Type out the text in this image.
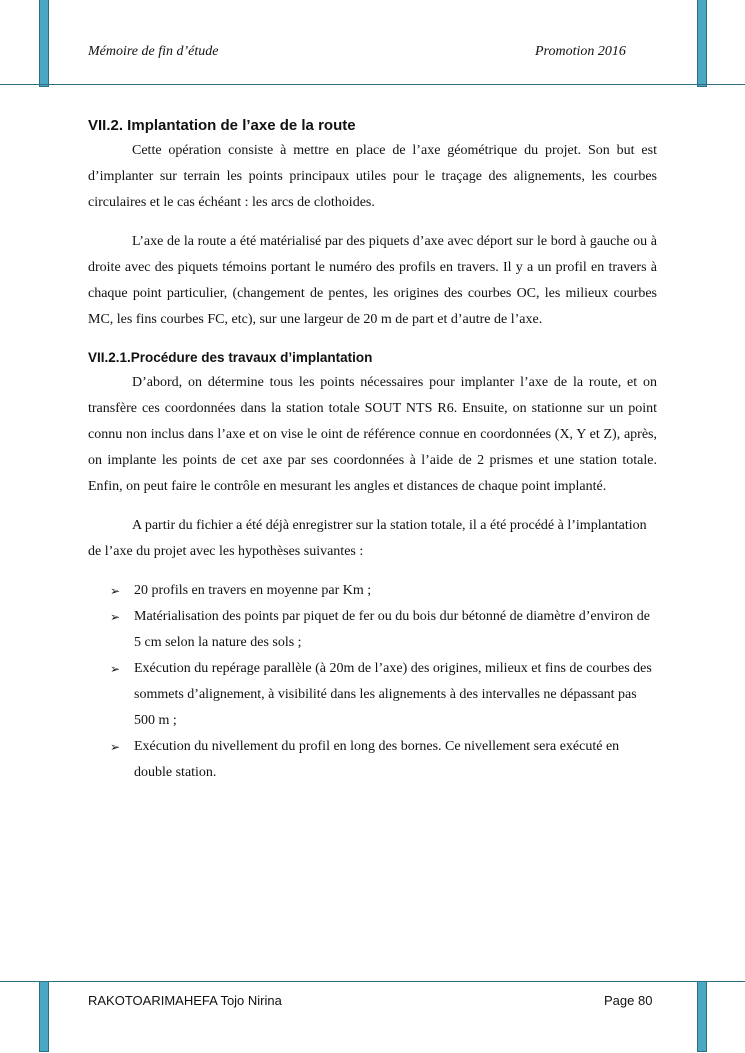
Mémoire de fin d’étude	Promotion 2016
VII.2. Implantation de l’axe de la route

Cette opération consiste à mettre en place de l’axe géométrique du projet. Son but est d’implanter sur terrain les points principaux utiles pour le traçage des alignements, les courbes circulaires et le cas échéant : les arcs de clothoides.

L’axe de la route a été matérialisé par des piquets d’axe avec déport sur le bord à gauche ou à droite avec des piquets témoins portant le numéro des profils en travers. Il y a un profil en travers à chaque point particulier, (changement de pentes, les origines des courbes OC, les milieux courbes MC, les fins courbes FC, etc), sur une largeur de 20 m de part et d’autre de l’axe.

VII.2.1.Procédure des travaux d’implantation

D’abord, on détermine tous les points nécessaires pour implanter l’axe de la route, et on transfère ces coordonnées dans la station totale SOUT NTS R6. Ensuite, on stationne sur un point connu non inclus dans l’axe et on vise le oint de référence connue en coordonnées (X, Y et Z), après, on implante les points de cet axe par ses coordonnées à l’aide de 2 prismes et une station totale. Enfin, on peut faire le contrôle en mesurant les angles et distances de chaque point implanté.

A partir du fichier a été déjà enregistrer sur la station totale, il a été procédé à l’implantation de l’axe du projet avec les hypothèses suivantes :

➢ 20 profils en travers en moyenne par Km ;
➢ Matérialisation des points par piquet de fer ou du bois dur bétonné de diamètre d’environ de 5 cm selon la nature des sols ;
➢ Exécution du repérage parallèle (à 20m de l’axe) des origines, milieux et fins de courbes des sommets d’alignement, à visibilité dans les alignements à des intervalles ne dépassant pas 500 m ;
➢ Exécution du nivellement du profil en long des bornes. Ce nivellement sera exécuté en double station.
RAKOTOARIMAHEFA Tojo Nirina	Page 80
